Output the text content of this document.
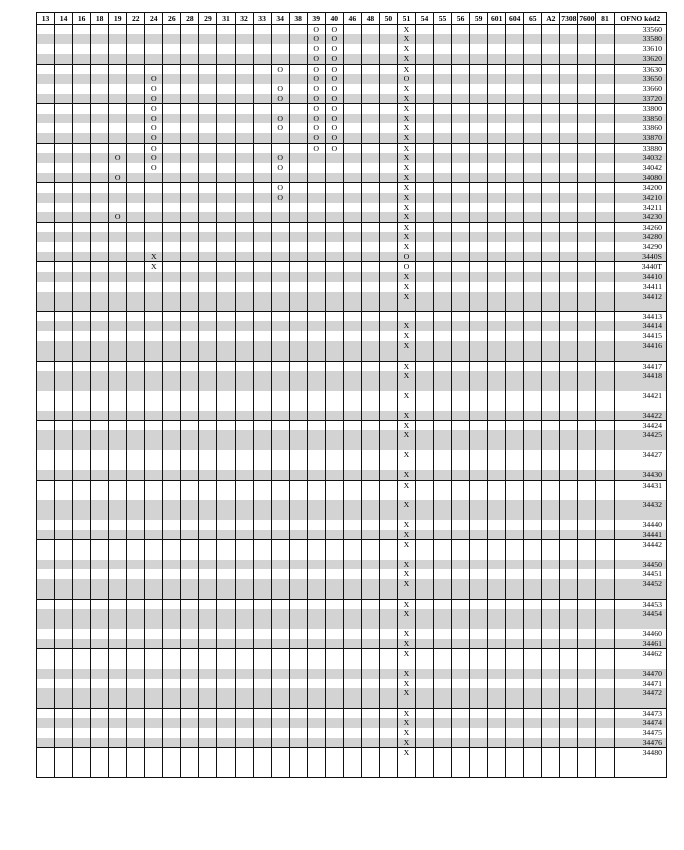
13	14	16	18	19	22	24	26	28	29	31	32	33	34	38	39	40	46	48	50	51	54	55	56	59	601	604	65	A2	7308	7600	81	OFNO kód2
															O	O				X												33560
															O	O				X												33580
															O	O				X												33610
															O	O				X												33620
													O		O	O				X												33630
						O									O	O				O												33650
						O							O		O	O				X												33660
						O							O		O	O				X												33720
						O									O	O				X												33800
						O							O		O	O				X												33850
						O							O		O	O				X												33860
						O									O	O				X												33870
						O									O	O				X												33880
				O		O							O							X												34032
						O							O							X												34042
				O																X												34080
													O							X												34200
													O							X												34210
																				X												34211
				O																X												34230
																				X												34260
																				X												34280
																				X												34290
						X														O												3440S
						X														O												3440T
																				X												34410
																				X												34411
																				X												34412
																																34413
																				X												34414
																				X												34415
																				X												34416
																				X												34417
																				X												34418
																				X												34421
																				X												34422
																				X												34424
																				X												34425
																				X												34427
																				X												34430
																				X												34431
																				X												34432
																				X												34440
																				X												34441
																				X												34442
																				X												34450
																				X												34451
																				X												34452
																				X												34453
																				X												34454
																				X												34460
																				X												34461
																				X												34462
																				X												34470
																				X												34471
																				X												34472
																				X												34473
																				X												34474
																				X												34475
																				X												34476
																				X												34480
